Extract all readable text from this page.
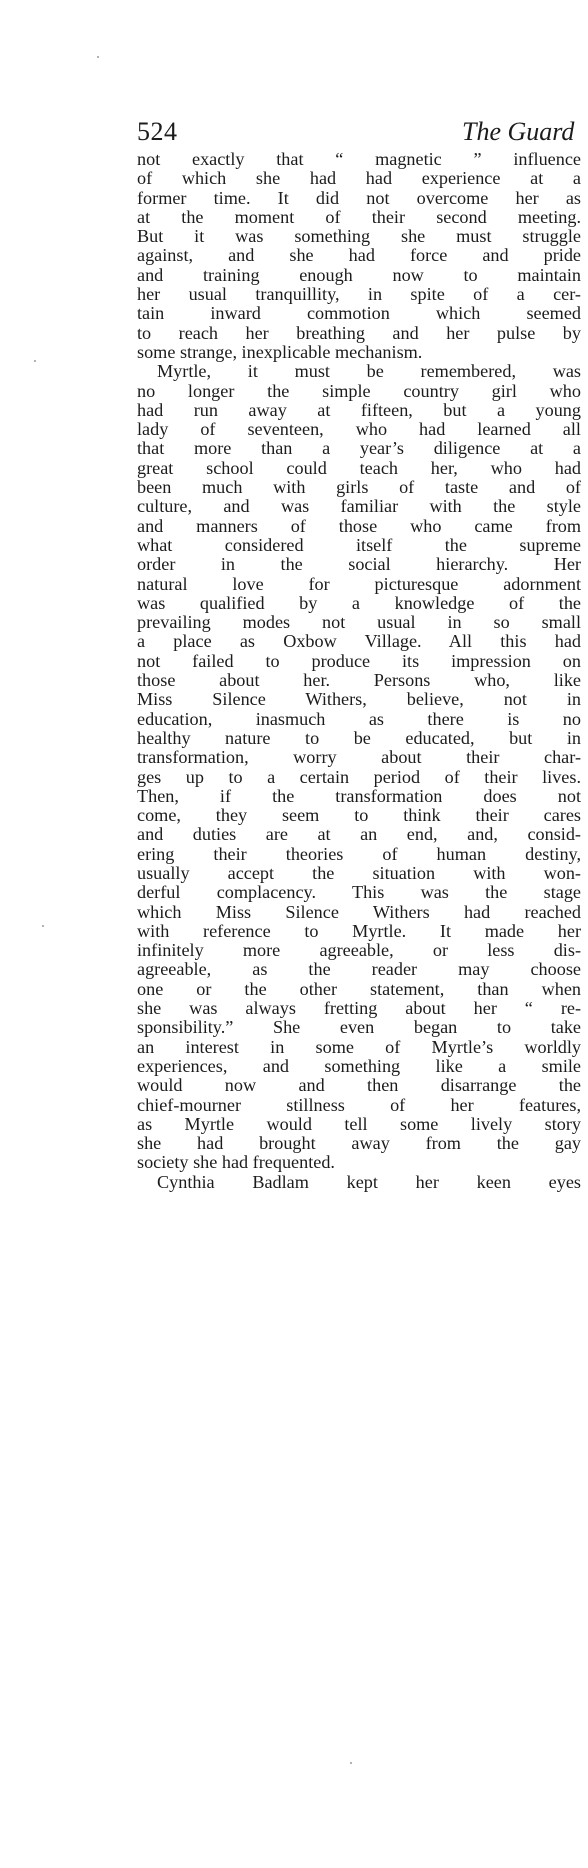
524	The Guard
not exactly that “ magnetic ” influence
of which she had had experience at a
former time. It did not overcome her as
at the moment of their second meeting.
But it was something she must struggle
against, and she had force and pride
and training enough now to maintain
her usual tranquillity, in spite of a cer-
tain inward commotion which seemed
to reach her breathing and her pulse by
some strange, inexplicable mechanism.
Myrtle, it must be remembered, was
no longer the simple country girl who
had run away at fifteen, but a young
lady of seventeen, who had learned all
that more than a year’s diligence at a
great school could teach her, who had
been much with girls of taste and of
culture, and was familiar with the style
and manners of those who came from
what considered itself the supreme
order in the social hierarchy. Her
natural love for picturesque adornment
was qualified by a knowledge of the
prevailing modes not usual in so small
a place as Oxbow Village. All this had
not failed to produce its impression on
those about her. Persons who, like
Miss Silence Withers, believe, not in
education, inasmuch as there is no
healthy nature to be educated, but in
transformation, worry about their char-
ges up to a certain period of their lives.
Then, if the transformation does not
come, they seem to think their cares
and duties are at an end, and, consid-
ering their theories of human destiny,
usually accept the situation with won-
derful complacency. This was the stage
which Miss Silence Withers had reached
with reference to Myrtle. It made her
infinitely more agreeable, or less dis-
agreeable, as the reader may choose
one or the other statement, than when
she was always fretting about her “ re-
sponsibility.” She even began to take
an interest in some of Myrtle’s worldly
experiences, and something like a smile
would now and then disarrange the
chief-mourner stillness of her features,
as Myrtle would tell some lively story
she had brought away from the gay
society she had frequented.
Cynthia Badlam kept her keen eyes
